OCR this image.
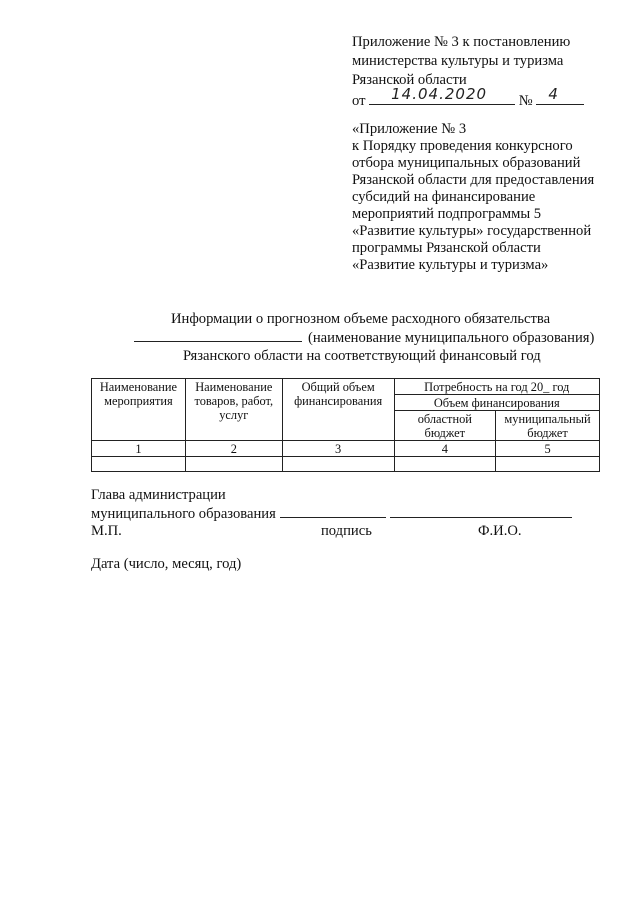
Приложение № 3 к постановлению
министерства культуры и туризма
Рязанской области
от 14.04.2020 № 4
«Приложение № 3
к Порядку проведения конкурсного
отбора муниципальных образований
Рязанской области для предоставления
субсидий на финансирование
мероприятий подпрограммы 5
«Развитие культуры» государственной
программы Рязанской области
«Развитие культуры и туризма»
Информации о прогнозном объеме расходного обязательства
(наименование муниципального образования)
Рязанского области на соответствующий финансовый год
Наименование мероприятия	Наименование товаров, работ, услуг	Общий объем финансирования	Потребность на год 20_ год	
			Объем финансирования	
			областной бюджет	муниципальный бюджет
1	2	3	4	5

Глава администрации
муниципального образования
М.П.	подпись	Ф.И.О.
Дата (число, месяц, год)
